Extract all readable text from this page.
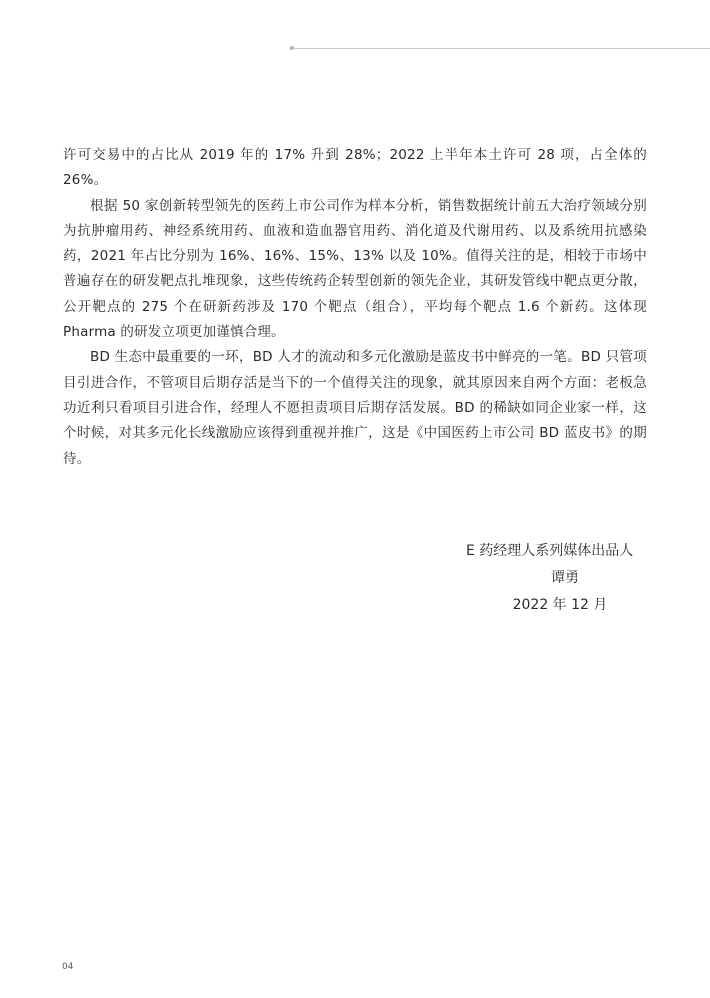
许可交易中的占比从 2019 年的 17% 升到 28%；2022 上半年本土许可 28 项，占全体的 26%。

根据 50 家创新转型领先的医药上市公司作为样本分析，销售数据统计前五大治疗领域分别为抗肿瘤用药、神经系统用药、血液和造血器官用药、消化道及代谢用药、以及系统用抗感染药，2021 年占比分别为 16%、16%、15%、13% 以及 10%。值得关注的是，相较于市场中普遍存在的研发靶点扎堆现象，这些传统药企转型创新的领先企业，其研发管线中靶点更分散，公开靶点的 275 个在研新药涉及 170 个靶点（组合），平均每个靶点 1.6 个新药。这体现 Pharma 的研发立项更加谨慎合理。

BD 生态中最重要的一环，BD 人才的流动和多元化激励是蓝皮书中鲜亮的一笔。BD 只管项目引进合作，不管项目后期存活是当下的一个值得关注的现象，就其原因来自两个方面：老板急功近利只看项目引进合作，经理人不愿担责项目后期存活发展。BD 的稀缺如同企业家一样，这个时候，对其多元化长线激励应该得到重视并推广，这是《中国医药上市公司 BD 蓝皮书》的期待。

E 药经理人系列媒体出品人
谭勇
2022 年 12 月
04
